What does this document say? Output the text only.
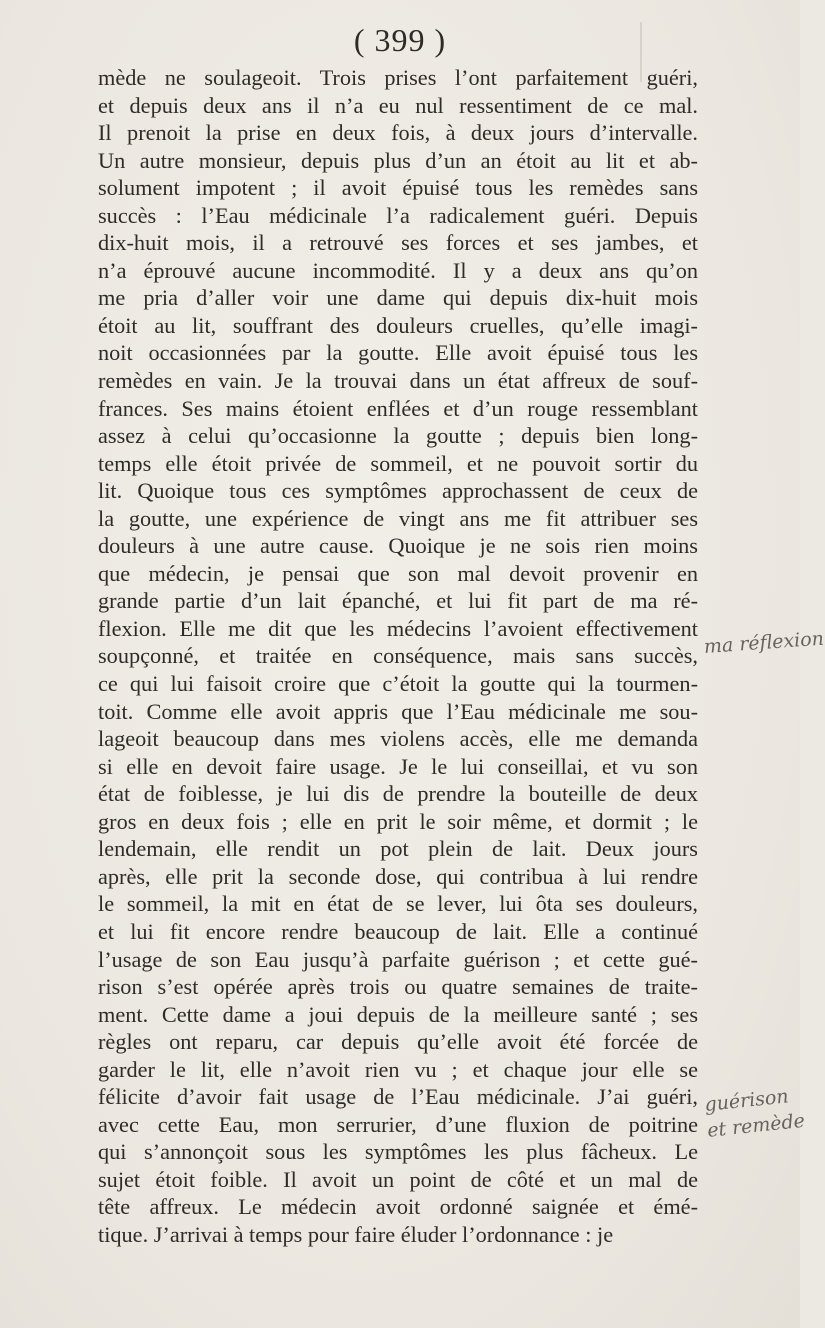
( 399 )
mède ne soulageoit. Trois prises l’ont parfaitement guéri,
et depuis deux ans il n’a eu nul ressentiment de ce mal.
Il prenoit la prise en deux fois, à deux jours d’intervalle.
Un autre monsieur, depuis plus d’un an étoit au lit et ab-
solument impotent ; il avoit épuisé tous les remèdes sans
succès : l’Eau médicinale l’a radicalement guéri. Depuis
dix-huit mois, il a retrouvé ses forces et ses jambes, et
n’a éprouvé aucune incommodité. Il y a deux ans qu’on
me pria d’aller voir une dame qui depuis dix-huit mois
étoit au lit, souffrant des douleurs cruelles, qu’elle imagi-
noit occasionnées par la goutte. Elle avoit épuisé tous les
remèdes en vain. Je la trouvai dans un état affreux de souf-
frances. Ses mains étoient enflées et d’un rouge ressemblant
assez à celui qu’occasionne la goutte ; depuis bien long-
temps elle étoit privée de sommeil, et ne pouvoit sortir du
lit. Quoique tous ces symptômes approchassent de ceux de
la goutte, une expérience de vingt ans me fit attribuer ses
douleurs à une autre cause. Quoique je ne sois rien moins
que médecin, je pensai que son mal devoit provenir en
grande partie d’un lait épanché, et lui fit part de ma ré-
flexion. Elle me dit que les médecins l’avoient effectivement
soupçonné, et traitée en conséquence, mais sans succès,
ce qui lui faisoit croire que c’étoit la goutte qui la tourmen-
toit. Comme elle avoit appris que l’Eau médicinale me sou-
lageoit beaucoup dans mes violens accès, elle me demanda
si elle en devoit faire usage. Je le lui conseillai, et vu son
état de foiblesse, je lui dis de prendre la bouteille de deux
gros en deux fois ; elle en prit le soir même, et dormit ; le
lendemain, elle rendit un pot plein de lait. Deux jours
après, elle prit la seconde dose, qui contribua à lui rendre
le sommeil, la mit en état de se lever, lui ôta ses douleurs,
et lui fit encore rendre beaucoup de lait. Elle a continué
l’usage de son Eau jusqu’à parfaite guérison ; et cette gué-
rison s’est opérée après trois ou quatre semaines de traite-
ment. Cette dame a joui depuis de la meilleure santé ; ses
règles ont reparu, car depuis qu’elle avoit été forcée de
garder le lit, elle n’avoit rien vu ; et chaque jour elle se
félicite d’avoir fait usage de l’Eau médicinale. J’ai guéri,
avec cette Eau, mon serrurier, d’une fluxion de poitrine
qui s’annonçoit sous les symptômes les plus fâcheux. Le
sujet étoit foible. Il avoit un point de côté et un mal de
tête affreux. Le médecin avoit ordonné saignée et émé-
tique. J’arrivai à temps pour faire éluder l’ordonnance : je
ma réflexion
guérison
et remède
